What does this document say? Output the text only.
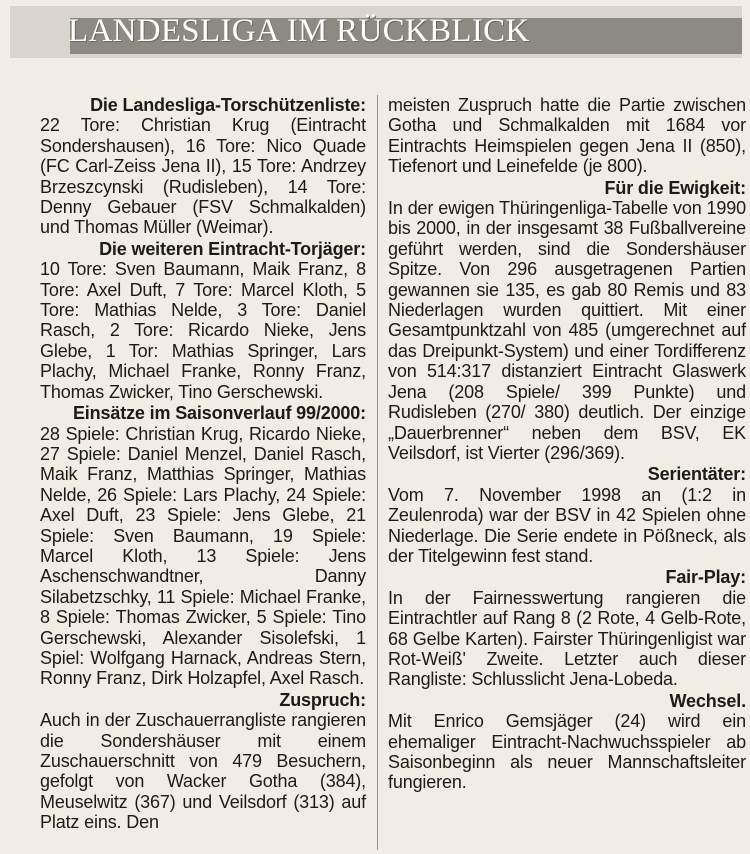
LANDESLIGA IM RÜCKBLICK

Die Landesliga-Torschützenliste:

22 Tore: Christian Krug (Eintracht Sondershausen), 16 Tore: Nico Quade (FC Carl-Zeiss Jena II), 15 Tore: Andrzey Brzeszcynski (Rudisleben), 14 Tore: Denny Gebauer (FSV Schmalkalden) und Thomas Müller (Weimar).

Die weiteren Eintracht-Torjäger:

10 Tore: Sven Baumann, Maik Franz, 8 Tore: Axel Duft, 7 Tore: Marcel Kloth, 5 Tore: Mathias Nelde, 3 Tore: Daniel Rasch, 2 Tore: Ricardo Nieke, Jens Glebe, 1 Tor: Mathias Springer, Lars Plachy, Michael Franke, Ronny Franz, Thomas Zwicker, Tino Gerschewski.

Einsätze im Saisonverlauf 99/2000:

28 Spiele: Christian Krug, Ricardo Nieke, 27 Spiele: Daniel Menzel, Daniel Rasch, Maik Franz, Matthias Springer, Mathias Nelde, 26 Spiele: Lars Plachy, 24 Spiele: Axel Duft, 23 Spiele: Jens Glebe, 21 Spiele: Sven Baumann, 19 Spiele: Marcel Kloth, 13 Spiele: Jens Aschenschwandtner, Danny Silabetzschky, 11 Spiele: Michael Franke, 8 Spiele: Thomas Zwicker, 5 Spiele: Tino Gerschewski, Alexander Sisolefski, 1 Spiel: Wolfgang Harnack, Andreas Stern, Ronny Franz, Dirk Holzapfel, Axel Rasch.

Zuspruch:

Auch in der Zuschauerrangliste rangieren die Sondershäuser mit einem Zuschauerschnitt von 479 Besuchern, gefolgt von Wacker Gotha (384), Meuselwitz (367) und Veilsdorf (313) auf Platz eins. Den

meisten Zuspruch hatte die Partie zwischen Gotha und Schmalkalden mit 1684 vor Eintrachts Heimspielen gegen Jena II (850), Tiefenort und Leinefelde (je 800).

Für die Ewigkeit:

In der ewigen Thüringenliga-Tabelle von 1990 bis 2000, in der insgesamt 38 Fußballvereine geführt werden, sind die Sondershäuser Spitze. Von 296 ausgetragenen Partien gewannen sie 135, es gab 80 Remis und 83 Niederlagen wurden quittiert. Mit einer Gesamtpunktzahl von 485 (umgerechnet auf das Dreipunkt-System) und einer Tordifferenz von 514:317 distanziert Eintracht Glaswerk Jena (208 Spiele/ 399 Punkte) und Rudisleben (270/ 380) deutlich. Der einzige „Dauerbrenner“ neben dem BSV, EK Veilsdorf, ist Vierter (296/369).

Serientäter:

Vom 7. November 1998 an (1:2 in Zeulenroda) war der BSV in 42 Spielen ohne Niederlage. Die Serie endete in Pößneck, als der Titelgewinn fest stand.

Fair-Play:

In der Fairnesswertung rangieren die Eintrachtler auf Rang 8 (2 Rote, 4 Gelb-Rote, 68 Gelbe Karten). Fairster Thüringenligist war Rot-Weiß' Zweite. Letzter auch dieser Rangliste: Schlusslicht Jena-Lobeda.

Wechsel.

Mit Enrico Gemsjäger (24) wird ein ehemaliger Eintracht-Nachwuchsspieler ab Saisonbeginn als neuer Mannschaftsleiter fungieren.
